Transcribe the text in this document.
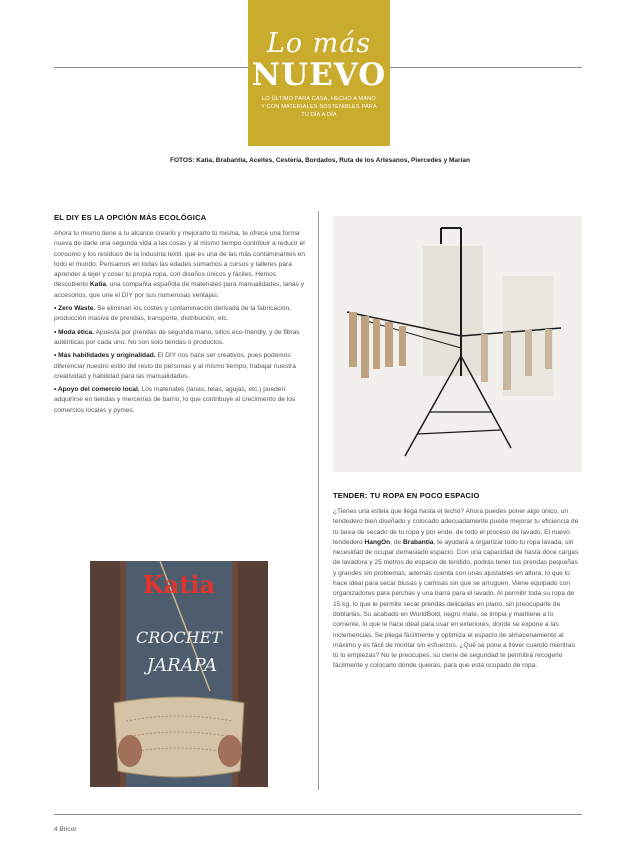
Lo más
NUEVO
LO ÚLTIMO PARA CASA, HECHO A MANO Y CON MATERIALES SOSTENIBLES PARA TU DÍA A DÍA
FOTOS: Katia, Brabantia, Aceites, Cestería, Bordados, Ruta de los Artesanos, Piercedes y Marian
EL DIY ES LA OPCIÓN MÁS ECOLÓGICA

Ahora tu mismo tiene a tu alcance crearlo y mejorarlo tú misma, te ofrece una forma nueva de darle una segunda vida a las cosas y al mismo tiempo contribuir a reducir el consumo y los residuos de la industria textil, que es una de las más contaminantes en todo el mundo. Pensamos en todas las edades sumamos a cursos y talleres para aprender a tejer y coser tu propia ropa, con diseños únicos y fáciles. Hemos descubierto Katia, una compañía española de materiales para manualidades, lanas y accesorios, que une el DIY por sus numerosas ventajas:

• Zero Waste. Se eliminan los costes y contaminación derivada de la fabricación, producción masiva de prendas, transporte, distribución, etc.

• Moda ética. Apuesta por prendas de segunda mano, sitios eco-friendly, y de fibras auténticas por cada uno. No son solo tiendas o productos.

• Más habilidades y originalidad. El DIY nos hace ser creativos, pues podemos diferenciar nuestro estilo del resto de personas y al mismo tiempo, trabajar nuestra creatividad y habilidad para las manualidades.

• Apoyo del comercio local. Los materiales (lanas, telas, agujas, etc.) pueden adquirirse en tiendas y mercerías de barrio, lo que contribuye al crecimiento de los comercios locales y pymes.

Katia
CROCHET
JARAPA
TENDER: TU ROPA EN POCO ESPACIO

¿Tienes una estela que llega hasta el techo? Ahora puedes poner algo único, un tendedero bien diseñado y colocado adecuadamente puede mejorar tu eficiencia de tu tarea de secado de tu ropa y por ende, de todo el proceso de lavado. El nuevo tendedero HangOn, de Brabantia, te ayudará a organizar todo tu ropa lavada, sin necesidad de ocupar demasiado espacio. Con una capacidad de hasta doce cargas de lavadora y 25 metros de espacio de tendido, podrás tener tus prendas pequeñas y grandes sin problemas, además cuenta con unas ajustables en altura, lo que lo hace ideal para secar blusas y camisas sin que se arruguen. Viene equipado con organizadores para perchas y una barra para el lavado. Al permitir toda su ropa de 15 kg, lo que le permite secar prendas delicadas en plano, sin preocuparte de doblarlas. Su acabado en WorldBold, negro mate, se limpia y mantiene a lo corriente, lo que le hace ideal para usar en exteriores, donde se expone a las inclemencias. Se pliega fácilmente y optimiza el espacio de almacenamiento al máximo y es fácil de montar sin esfuerzos. ¿Qué se pone a llover cuando mientras tú lo empiezas? No te preocupes, su cierre de seguridad te permitirá recogerlo fácilmente y colocarlo donde quieras, para que está ocupado de ropa.

4 Bricor
